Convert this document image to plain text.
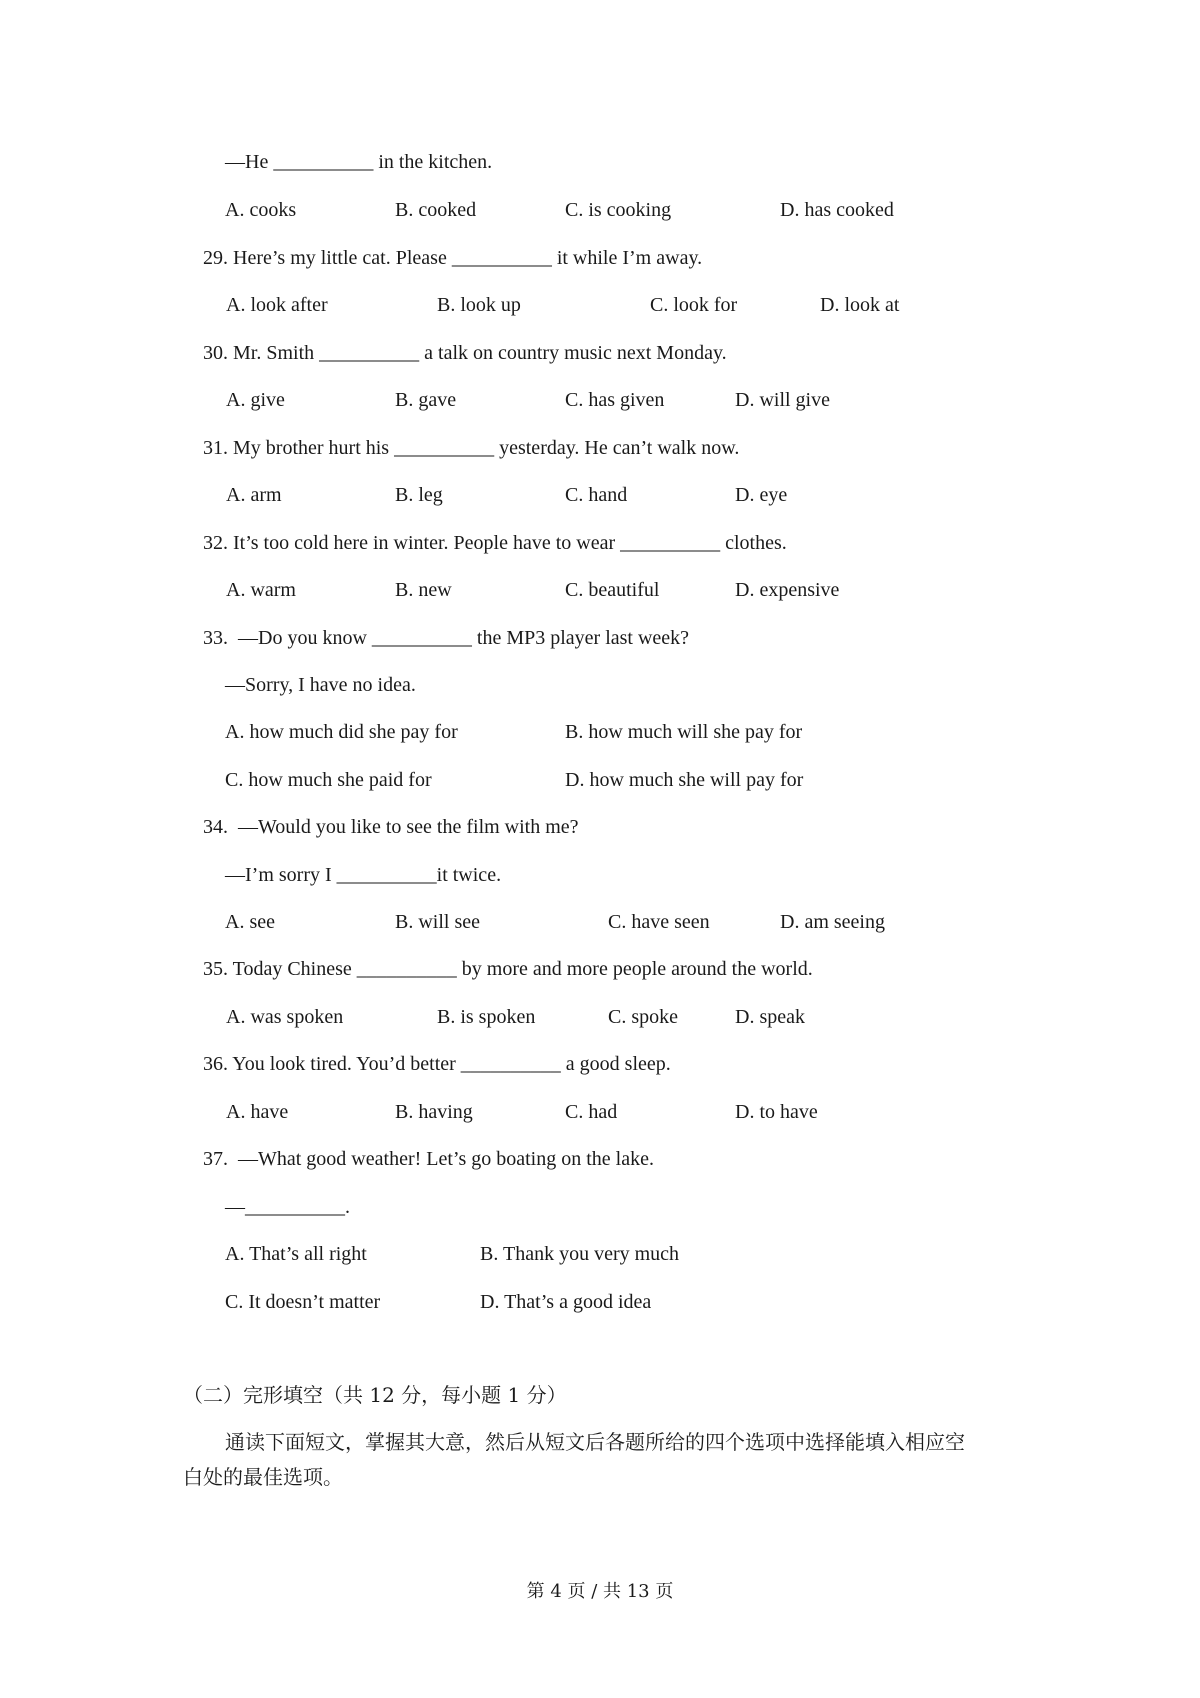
—He __________ in the kitchen.
A. cooks	B. cooked	C. is cooking	D. has cooked
29. Here’s my little cat. Please __________ it while I’m away.
A. look after	B. look up	C. look for	D. look at
30. Mr. Smith __________ a talk on country music next Monday.
A. give	B. gave	C. has given	D. will give
31. My brother hurt his __________ yesterday. He can’t walk now.
A. arm	B. leg	C. hand	D. eye
32. It’s too cold here in winter. People have to wear __________ clothes.
A. warm	B. new	C. beautiful	D. expensive
33.  —Do you know __________ the MP3 player last week?
—Sorry, I have no idea.
A. how much did she pay for	B. how much will she pay for
C. how much she paid for	D. how much she will pay for
34.  —Would you like to see the film with me?
—I’m sorry I __________it twice.
A. see	B. will see	C. have seen	D. am seeing
35. Today Chinese __________ by more and more people around the world.
A. was spoken	B. is spoken	C. spoke	D. speak
36. You look tired. You’d better __________ a good sleep.
A. have	B. having	C. had	D. to have
37.  —What good weather! Let’s go boating on the lake.
—__________.
A. That’s all right	B. Thank you very much
C. It doesn’t matter	D. That’s a good idea
（二）完形填空（共 12 分，每小题 1 分）
通读下面短文，掌握其大意，然后从短文后各题所给的四个选项中选择能填入相应空
白处的最佳选项。
第 4 页 / 共 13 页
